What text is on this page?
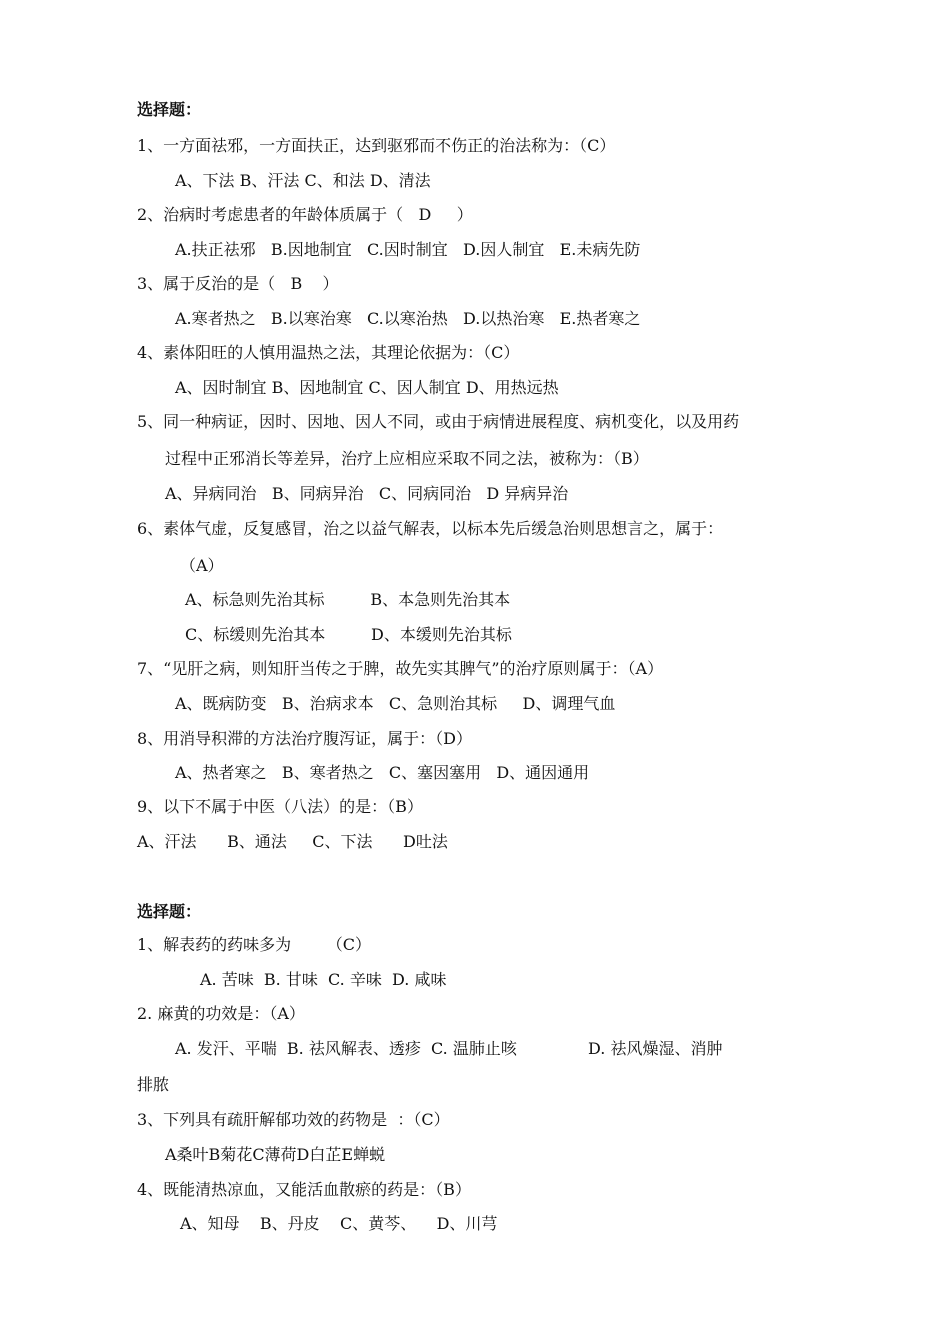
选择题：
1、一方面祛邪，一方面扶正，达到驱邪而不伤正的治法称为：（C）
A、下法 B、汗法 C、和法 D、清法
2、治病时考虑患者的年龄体质属于（   D     ）
A.扶正祛邪   B.因地制宜   C.因时制宜   D.因人制宜   E.未病先防
3、属于反治的是（   B    ）
A.寒者热之   B.以寒治寒   C.以寒治热   D.以热治寒   E.热者寒之
4、素体阳旺的人慎用温热之法，其理论依据为：（C）
A、因时制宜 B、因地制宜 C、因人制宜 D、用热远热
5、同一种病证，因时、因地、因人不同，或由于病情进展程度、病机变化，以及用药
过程中正邪消长等差异，治疗上应相应采取不同之法，被称为：（B）
A、异病同治   B、同病异治   C、同病同治   D 异病异治
6、素体气虚，反复感冒，治之以益气解表，以标本先后缓急治则思想言之，属于：
（A）
A、标急则先治其标         B、本急则先治其本
C、标缓则先治其本         D、本缓则先治其标
7、“见肝之病，则知肝当传之于脾，故先实其脾气”的治疗原则属于：（A）
A、既病防变   B、治病求本   C、急则治其标     D、调理气血
8、用消导积滞的方法治疗腹泻证，属于：（D）
A、热者寒之   B、寒者热之   C、塞因塞用   D、通因通用
9、以下不属于中医（八法）的是：（B）
A、汗法      B、通法     C、下法      D吐法
选择题：
1、解表药的药味多为       （C）
A. 苦味  B. 甘味  C. 辛味  D. 咸味
2. 麻黄的功效是：（A）
A. 发汗、平喘  B. 祛风解表、透疹  C. 温肺止咳              D. 祛风燥湿、消肿
排脓
3、下列具有疏肝解郁功效的药物是  ：（C）
A桑叶B菊花C薄荷D白芷E蝉蜕
4、既能清热凉血，又能活血散瘀的药是：（B）
A、知母    B、丹皮    C、黄芩、    D、川芎
